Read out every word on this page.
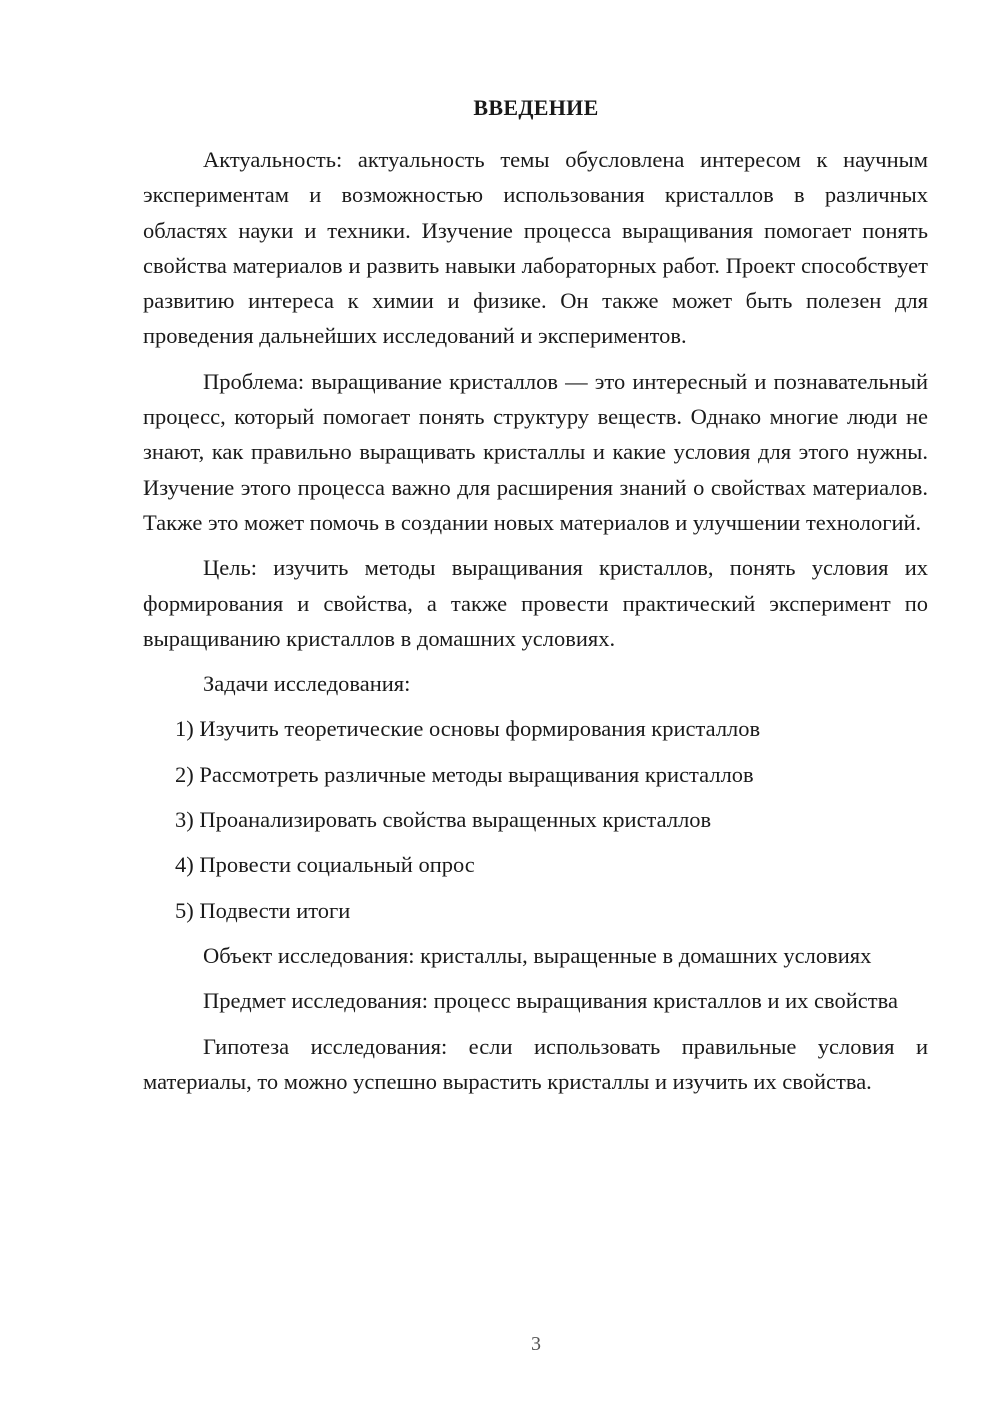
ВВЕДЕНИЕ

Актуальность: актуальность темы обусловлена интересом к научным экспериментам и возможностью использования кристаллов в различных областях науки и техники. Изучение процесса выращивания помогает понять свойства материалов и развить навыки лабораторных работ. Проект способствует развитию интереса к химии и физике. Он также может быть полезен для проведения дальнейших исследований и экспериментов.

Проблема: выращивание кристаллов — это интересный и познавательный процесс, который помогает понять структуру веществ. Однако многие люди не знают, как правильно выращивать кристаллы и какие условия для этого нужны. Изучение этого процесса важно для расширения знаний о свойствах материалов. Также это может помочь в создании новых материалов и улучшении технологий.

Цель: изучить методы выращивания кристаллов, понять условия их формирования и свойства, а также провести практический эксперимент по выращиванию кристаллов в домашних условиях.

Задачи исследования:

1) Изучить теоретические основы формирования кристаллов

2) Рассмотреть различные методы выращивания кристаллов

3) Проанализировать свойства выращенных кристаллов

4) Провести социальный опрос

5) Подвести итоги

Объект исследования: кристаллы, выращенные в домашних условиях

Предмет исследования: процесс выращивания кристаллов и их свойства

Гипотеза исследования: если использовать правильные условия и материалы, то можно успешно вырастить кристаллы и изучить их свойства.

3
